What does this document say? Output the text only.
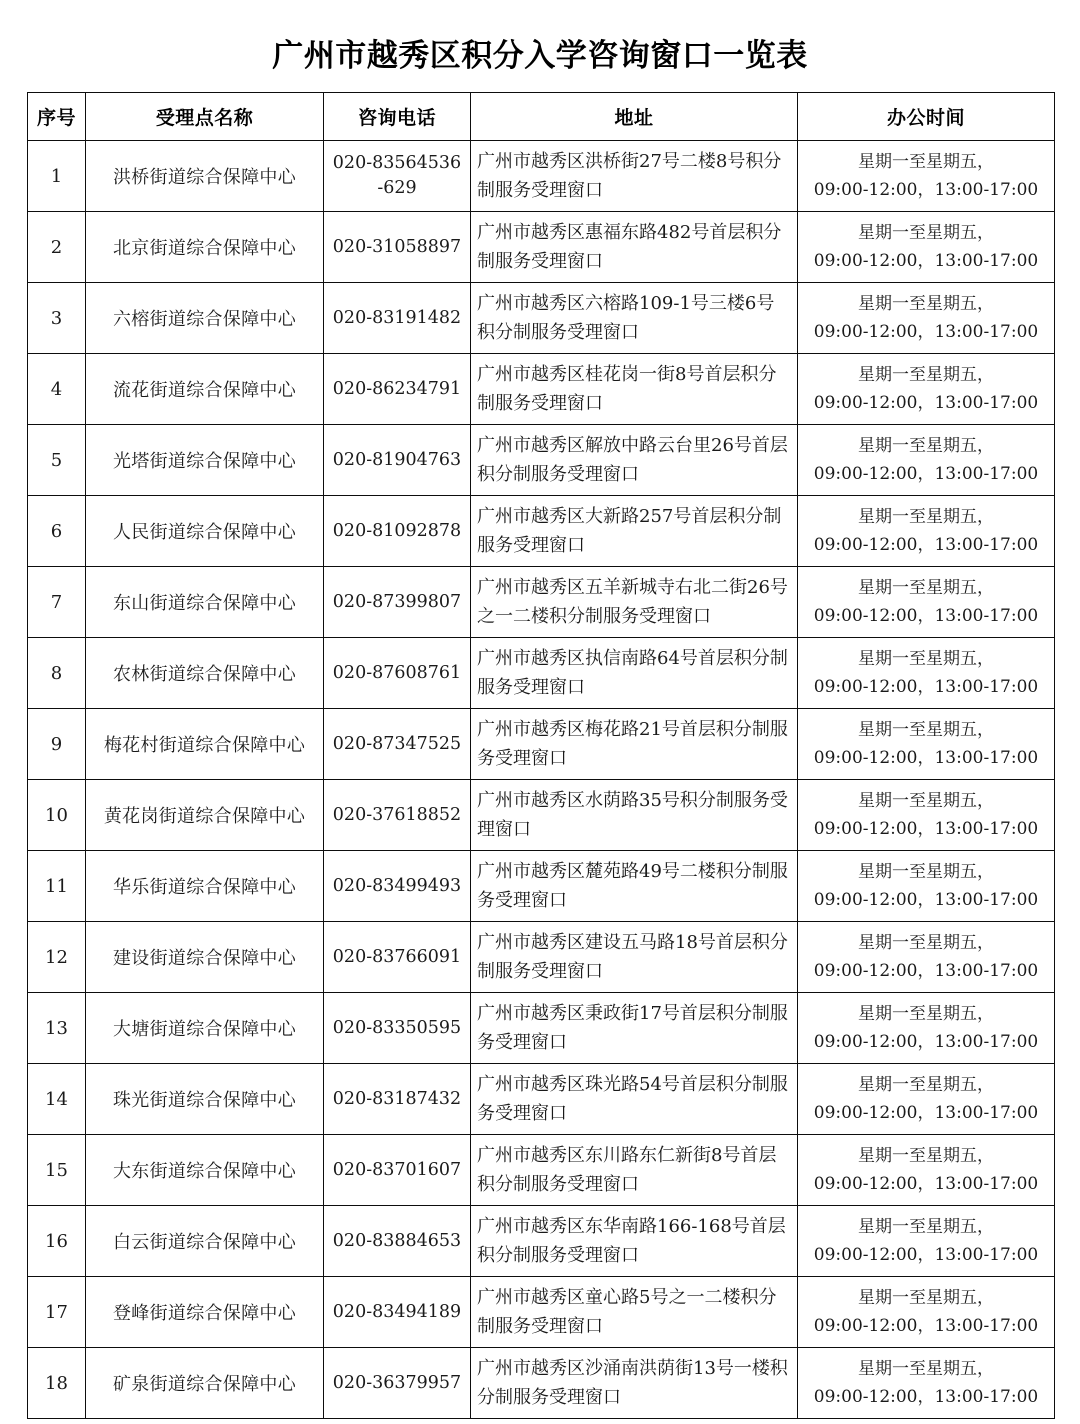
广州市越秀区积分入学咨询窗口一览表
序号	受理点名称	咨询电话	地址	办公时间
1	洪桥街道综合保障中心	020-83564536-629	广州市越秀区洪桥街27号二楼8号积分制服务受理窗口	星期一至星期五，
09:00-12:00，13:00-17:00

2	北京街道综合保障中心	020-31058897	广州市越秀区惠福东路482号首层积分制服务受理窗口	星期一至星期五，
09:00-12:00，13:00-17:00

3	六榕街道综合保障中心	020-83191482	广州市越秀区六榕路109-1号三楼6号积分制服务受理窗口	星期一至星期五，
09:00-12:00，13:00-17:00

4	流花街道综合保障中心	020-86234791	广州市越秀区桂花岗一街8号首层积分制服务受理窗口	星期一至星期五，
09:00-12:00，13:00-17:00

5	光塔街道综合保障中心	020-81904763	广州市越秀区解放中路云台里26号首层积分制服务受理窗口	星期一至星期五，
09:00-12:00，13:00-17:00

6	人民街道综合保障中心	020-81092878	广州市越秀区大新路257号首层积分制服务受理窗口	星期一至星期五，
09:00-12:00，13:00-17:00

7	东山街道综合保障中心	020-87399807	广州市越秀区五羊新城寺右北二街26号之一二楼积分制服务受理窗口	星期一至星期五，
09:00-12:00，13:00-17:00

8	农林街道综合保障中心	020-87608761	广州市越秀区执信南路64号首层积分制服务受理窗口	星期一至星期五，
09:00-12:00，13:00-17:00

9	梅花村街道综合保障中心	020-87347525	广州市越秀区梅花路21号首层积分制服务受理窗口	星期一至星期五，
09:00-12:00，13:00-17:00

10	黄花岗街道综合保障中心	020-37618852	广州市越秀区水荫路35号积分制服务受理窗口	星期一至星期五，
09:00-12:00，13:00-17:00

11	华乐街道综合保障中心	020-83499493	广州市越秀区麓苑路49号二楼积分制服务受理窗口	星期一至星期五，
09:00-12:00，13:00-17:00

12	建设街道综合保障中心	020-83766091	广州市越秀区建设五马路18号首层积分制服务受理窗口	星期一至星期五，
09:00-12:00，13:00-17:00

13	大塘街道综合保障中心	020-83350595	广州市越秀区秉政街17号首层积分制服务受理窗口	星期一至星期五，
09:00-12:00，13:00-17:00

14	珠光街道综合保障中心	020-83187432	广州市越秀区珠光路54号首层积分制服务受理窗口	星期一至星期五，
09:00-12:00，13:00-17:00

15	大东街道综合保障中心	020-83701607	广州市越秀区东川路东仁新街8号首层积分制服务受理窗口	星期一至星期五，
09:00-12:00，13:00-17:00

16	白云街道综合保障中心	020-83884653	广州市越秀区东华南路166-168号首层积分制服务受理窗口	星期一至星期五，
09:00-12:00，13:00-17:00

17	登峰街道综合保障中心	020-83494189	广州市越秀区童心路5号之一二楼积分制服务受理窗口	星期一至星期五，
09:00-12:00，13:00-17:00

18	矿泉街道综合保障中心	020-36379957	广州市越秀区沙涌南洪荫街13号一楼积分制服务受理窗口	星期一至星期五，
09:00-12:00，13:00-17:00
